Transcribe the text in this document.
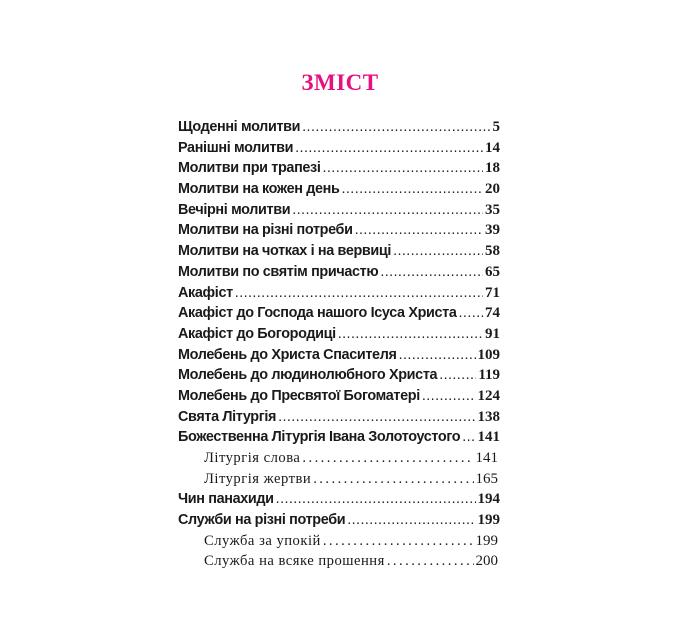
ЗМІСТ
Щоденні молитви .....	5
Ранішні молитви .....	14
Молитви при трапезі .....	18
Молитви на кожен день .....	20
Вечірні молитви .....	35
Молитви на різні потреби .....	39
Молитви на чотках і на вервиці .....	58
Молитви по святім причастю .....	65
Акафіст .....	71
Акафіст до Господа нашого Ісуса Христа ..... 74
Акафіст до Богородиці .....	91
Молебень до Христа Спасителя .....	109
Молебень до людинолюбного Христа .....	119
Молебень до Пресвятої Богоматері .....	124
Свята Літургія .....	138
Божественна Літургія Івана Золотоустого ..... 141
Літургія слова . . .	141
Літургія жертви . . .	165
Чин панахиди .....	194
Служби на різні потреби .....	199
Служба за упокій . . .	199
Служба на всяке прошення . . .	200
